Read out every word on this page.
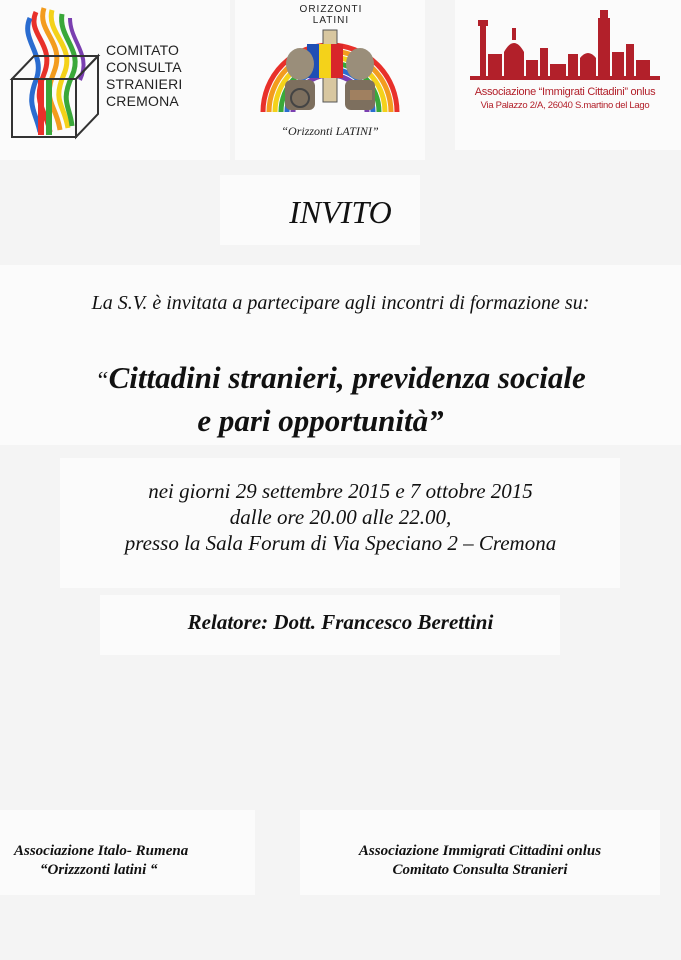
COMITATO
CONSULTA
STRANIERI
CREMONA
ORIZZONTI LATINI
“Orizzonti LATINI”
Associazione “Immigrati Cittadini” onlus
Via Palazzo 2/A, 26040 S.martino del Lago
INVITO
La S.V. è invitata a partecipare agli incontri di formazione su:
“Cittadini stranieri, previdenza sociale
e pari opportunità”
nei giorni 29 settembre 2015 e 7 ottobre 2015
dalle ore 20.00 alle 22.00,
presso la Sala Forum di Via Speciano 2 – Cremona
Relatore: Dott. Francesco Berettini
Associazione Italo- Rumena
“Orizzzonti latini “
Associazione Immigrati Cittadini onlus
Comitato Consulta Stranieri
